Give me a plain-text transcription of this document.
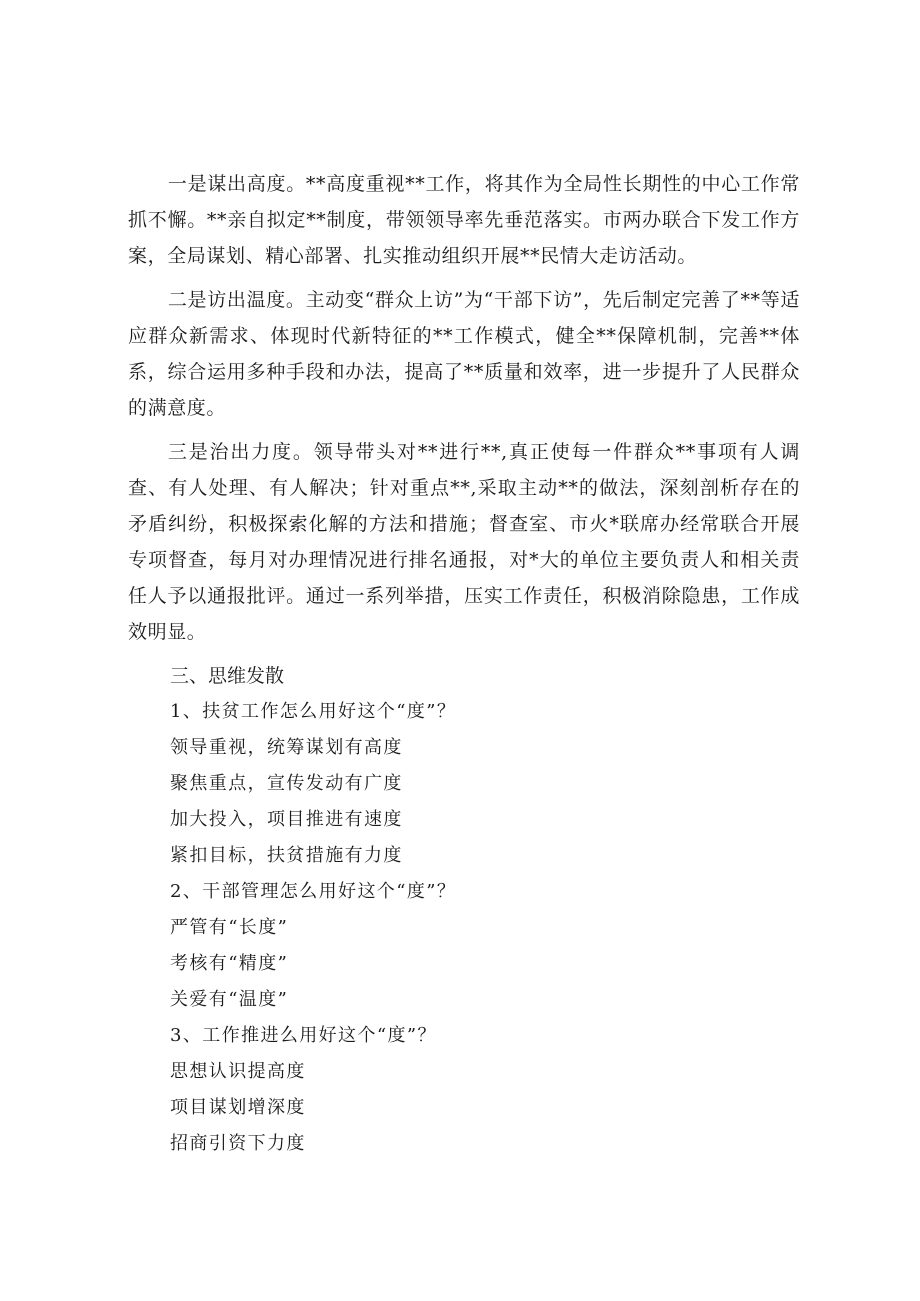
一是谋出高度。**高度重视**工作，将其作为全局性长期性的中心工作常抓不懈。**亲自拟定**制度，带领领导率先垂范落实。市两办联合下发工作方案，全局谋划、精心部署、扎实推动组织开展**民情大走访活动。

二是访出温度。主动变“群众上访”为“干部下访”，先后制定完善了**等适应群众新需求、体现时代新特征的**工作模式，健全**保障机制，完善**体系，综合运用多种手段和办法，提高了**质量和效率，进一步提升了人民群众的满意度。

三是治出力度。领导带头对**进行**,真正使每一件群众**事项有人调查、有人处理、有人解决；针对重点**,采取主动**的做法，深刻剖析存在的矛盾纠纷，积极探索化解的方法和措施；督查室、市火*联席办经常联合开展专项督查，每月对办理情况进行排名通报，对*大的单位主要负责人和相关责任人予以通报批评。通过一系列举措，压实工作责任，积极消除隐患，工作成效明显。

三、思维发散

1、扶贫工作怎么用好这个“度”？

领导重视，统筹谋划有高度

聚焦重点，宣传发动有广度

加大投入，项目推进有速度

紧扣目标，扶贫措施有力度

2、干部管理怎么用好这个“度”？

严管有“长度”

考核有“精度”

关爱有“温度”

3、工作推进么用好这个“度”？

思想认识提高度

项目谋划增深度

招商引资下力度
